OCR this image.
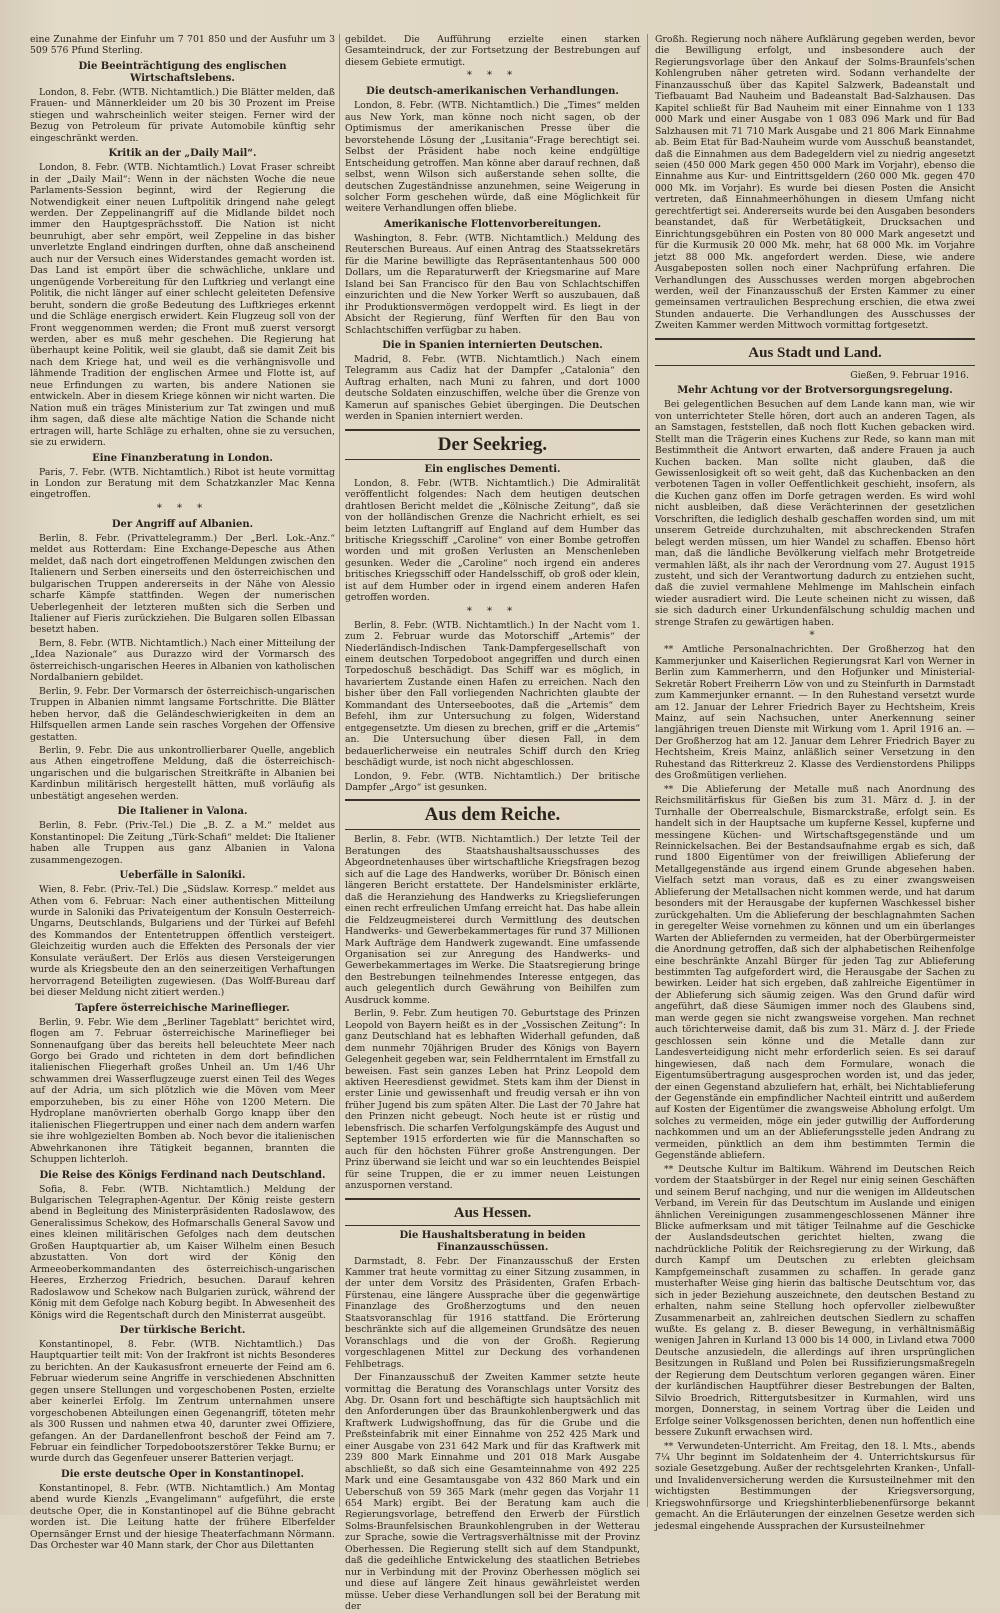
eine Zunahme der Einfuhr um 7 701 850 und der Ausfuhr um 3 509 576 Pfund Sterling.

Die Beeinträchtigung des englischen Wirtschaftslebens.

London, 8. Febr. (WTB. Nichtamtlich.) Die Blätter melden, daß Frauen- und Männerkleider um 20 bis 30 Prozent im Preise stiegen und wahrscheinlich weiter steigen. Ferner wird der Bezug von Petroleum für private Automobile künftig sehr eingeschränkt werden.

Kritik an der „Daily Mail“.

London, 8. Febr. (WTB. Nichtamtlich.) Lovat Fraser schreibt in der „Daily Mail“: Wenn in der nächsten Woche die neue Parlaments-Session beginnt, wird der Regierung die Notwendigkeit einer neuen Luftpolitik dringend nahe gelegt werden. Der Zeppelinangriff auf die Midlande bildet noch immer den Hauptgesprächsstoff. Die Nation ist nicht beunruhigt, aber sehr empört, weil Zeppeline in das bisher unverletzte England eindringen durften, ohne daß anscheinend auch nur der Versuch eines Widerstandes gemacht worden ist. Das Land ist empört über die schwächliche, unklare und ungenügende Vorbereitung für den Luftkrieg und verlangt eine Politik, die nicht länger auf einer schlecht geleiteten Defensive beruht, sondern die große Bedeutung des Luftkrieges erkennt und die Schläge energisch erwidert. Kein Flugzeug soll von der Front weggenommen werden; die Front muß zuerst versorgt werden, aber es muß mehr geschehen. Die Regierung hat überhaupt keine Politik, weil sie glaubt, daß sie damit Zeit bis nach dem Kriege hat, und weil es die verhängnisvolle und lähmende Tradition der englischen Armee und Flotte ist, auf neue Erfindungen zu warten, bis andere Nationen sie entwickeln. Aber in diesem Kriege können wir nicht warten. Die Nation muß ein träges Ministerium zur Tat zwingen und muß ihm sagen, daß diese alte mächtige Nation die Schande nicht ertragen will, harte Schläge zu erhalten, ohne sie zu versuchen, sie zu erwidern.

Eine Finanzberatung in London.

Paris, 7. Febr. (WTB. Nichtamtlich.) Ribot ist heute vormittag in London zur Beratung mit dem Schatzkanzler Mac Kenna eingetroffen.

* * *
Der Angriff auf Albanien.

Berlin, 8. Febr. (Privattelegramm.) Der „Berl. Lok.-Anz.“ meldet aus Rotterdam: Eine Exchange-Depesche aus Athen meldet, daß nach dort eingetroffenen Meldungen zwischen den Italienern und Serben einerseits und den österreichischen und bulgarischen Truppen andererseits in der Nähe von Alessio scharfe Kämpfe stattfinden. Wegen der numerischen Ueberlegenheit der letzteren mußten sich die Serben und Italiener auf Fieris zurückziehen. Die Bulgaren sollen Elbassan besetzt haben.

Bern, 8. Febr. (WTB. Nichtamtlich.) Nach einer Mitteilung der „Idea Nazionale“ aus Durazzo wird der Vormarsch des österreichisch-ungarischen Heeres in Albanien von katholischen Nordalbaniern gebildet.

Berlin, 9. Febr. Der Vormarsch der österreichisch-ungarischen Truppen in Albanien nimmt langsame Fortschritte. Die Blätter heben hervor, daß die Geländeschwierigkeiten in dem an Hilfsquellen armen Lande sein rasches Vorgehen der Offensive gestatten.

Berlin, 9. Febr. Die aus unkontrollierbarer Quelle, angeblich aus Athen eingetroffene Meldung, daß die österreichisch-ungarischen und die bulgarischen Streitkräfte in Albanien bei Kardinbun militärisch hergestellt hätten, muß vorläufig als unbestätigt angesehen werden.

Die Italiener in Valona.

Berlin, 8. Febr. (Priv.-Tel.) Die „B. Z. a M.“ meldet aus Konstantinopel: Die Zeitung „Türk-Schafi“ meldet: Die Italiener haben alle Truppen aus ganz Albanien in Valona zusammengezogen.

Ueberfälle in Saloniki.

Wien, 8. Febr. (Priv.-Tel.) Die „Südslaw. Korresp.“ meldet aus Athen vom 6. Februar: Nach einer authentischen Mitteilung wurde in Saloniki das Privateigentum der Konsuln Oesterreich-Ungarns, Deutschlands, Bulgariens und der Türkei auf Befehl des Kommandos der Ententetruppen öffentlich versteigert. Gleichzeitig wurden auch die Effekten des Personals der vier Konsulate veräußert. Der Erlös aus diesen Versteigerungen wurde als Kriegsbeute den an den seinerzeitigen Verhaftungen hervorragend Beteiligten zugewiesen. (Das Wolff-Bureau darf bei dieser Meldung nicht zitiert werden.)

Tapfere österreichische Marineflieger.

Berlin, 9. Febr. Wie dem „Berliner Tageblatt“ berichtet wird, flogen am 7. Februar österreichische Marineflieger bei Sonnenaufgang über das bereits hell beleuchtete Meer nach Gorgo bei Grado und richteten in dem dort befindlichen italienischen Fliegerhaft großes Unheil an. Um 1/46 Uhr schwammen drei Wasserflugzeuge zuerst einen Teil des Weges auf der Adria, um sich plötzlich wie die Möven vom Meer emporzuheben, bis zu einer Höhe von 1200 Metern. Die Hydroplane manövrierten oberhalb Gorgo knapp über den italienischen Fliegertruppen und einer nach dem andern warfen sie ihre wohlgezielten Bomben ab. Noch bevor die italienischen Abwehrkanonen ihre Tätigkeit begannen, brannten die Schuppen lichterloh.

Die Reise des Königs Ferdinand nach Deutschland.

Sofia, 8. Febr. (WTB. Nichtamtlich.) Meldung der Bulgarischen Telegraphen-Agentur. Der König reiste gestern abend in Begleitung des Ministerpräsidenten Radoslawow, des Generalissimus Schekow, des Hofmarschalls General Savow und eines kleinen militärischen Gefolges nach dem deutschen Großen Hauptquartier ab, um Kaiser Wilhelm einen Besuch abzustatten. Von dort wird der König den Armeeoberkommandanten des österreichisch-ungarischen Heeres, Erzherzog Friedrich, besuchen. Darauf kehren Radoslawow und Schekow nach Bulgarien zurück, während der König mit dem Gefolge nach Koburg begibt. In Abwesenheit des Königs wird die Regentschaft durch den Ministerrat ausgeübt.

Der türkische Bericht.

Konstantinopel, 8. Febr. (WTB. Nichtamtlich.) Das Hauptquartier teilt mit: Von der Irakfront ist nichts Besonderes zu berichten. An der Kaukasusfront erneuerte der Feind am 6. Februar wiederum seine Angriffe in verschiedenen Abschnitten gegen unsere Stellungen und vorgeschobenen Posten, erzielte aber keinerlei Erfolg. Im Zentrum unternahmen unsere vorgeschobenen Abteilungen einen Gegenangriff, töteten mehr als 300 Russen und nahmen etwa 40, darunter zwei Offiziere, gefangen. An der Dardanellenfront beschoß der Feind am 7. Februar ein feindlicher Torpedobootszerstörer Tekke Burnu; er wurde durch das Gegenfeuer unserer Batterien verjagt.

Die erste deutsche Oper in Konstantinopel.

Konstantinopel, 8. Febr. (WTB. Nichtamtlich.) Am Montag abend wurde Kienzls „Evangelimann“ aufgeführt, die erste deutsche Oper, die in Konstantinopel auf die Bühne gebracht worden ist. Die Leitung hatte der frühere Elberfelder Opernsänger Ernst und der hiesige Theaterfachmann Nörmann. Das Orchester war 40 Mann stark, der Chor aus Dilettanten

gebildet. Die Aufführung erzielte einen starken Gesamteindruck, der zur Fortsetzung der Bestrebungen auf diesem Gebiete ermutigt.

* * *
Die deutsch-amerikanischen Verhandlungen.

London, 8. Febr. (WTB. Nichtamtlich.) Die „Times“ melden aus New York, man könne noch nicht sagen, ob der Optimismus der amerikanischen Presse über die bevorstehende Lösung der „Lusitania“-Frage berechtigt sei. Selbst der Präsident habe noch keine endgültige Entscheidung getroffen. Man könne aber darauf rechnen, daß selbst, wenn Wilson sich außerstande sehen sollte, die deutschen Zugeständnisse anzunehmen, seine Weigerung in solcher Form geschehen würde, daß eine Möglichkeit für weitere Verhandlungen offen bliebe.

Amerikanische Flottenvorbereitungen.

Washington, 8. Febr. (WTB. Nichtamtlich.) Meldung des Reuterschen Bureaus. Auf einen Antrag des Staatssekretärs für die Marine bewilligte das Repräsentantenhaus 500 000 Dollars, um die Reparaturwerft der Kriegsmarine auf Mare Island bei San Francisco für den Bau von Schlachtschiffen einzurichten und die New Yorker Werft so auszubauen, daß ihr Produktionsvermögen verdoppelt wird. Es liegt in der Absicht der Regierung, fünf Werften für den Bau von Schlachtschiffen verfügbar zu haben.

Die in Spanien internierten Deutschen.

Madrid, 8. Febr. (WTB. Nichtamtlich.) Nach einem Telegramm aus Cadiz hat der Dampfer „Catalonia“ den Auftrag erhalten, nach Muni zu fahren, und dort 1000 deutsche Soldaten einzuschiffen, welche über die Grenze von Kamerun auf spanisches Gebiet übergingen. Die Deutschen werden in Spanien interniert werden.

Der Seekrieg.
Ein englisches Dementi.

London, 8. Febr. (WTB. Nichtamtlich.) Die Admiralität veröffentlicht folgendes: Nach dem heutigen deutschen drahtlosen Bericht meldet die „Kölnische Zeitung“, daß sie von der holländischen Grenze die Nachricht erhielt, es sei beim letzten Luftangriff auf England auf dem Humber das britische Kriegsschiff „Caroline“ von einer Bombe getroffen worden und mit großen Verlusten an Menschenleben gesunken. Weder die „Caroline“ noch irgend ein anderes britisches Kriegsschiff oder Handelsschiff, ob groß oder klein, ist auf dem Humber oder in irgend einem anderen Hafen getroffen worden.

* * *

Berlin, 8. Febr. (WTB. Nichtamtlich.) In der Nacht vom 1. zum 2. Februar wurde das Motorschiff „Artemis“ der Niederländisch-Indischen Tank-Dampfergesellschaft von einem deutschen Torpedoboot angegriffen und durch einen Torpedoschuß beschädigt. Das Schiff war es möglich, in havariertem Zustande einen Hafen zu erreichen. Nach den bisher über den Fall vorliegenden Nachrichten glaubte der Kommandant des Unterseebootes, daß die „Artemis“ dem Befehl, ihm zur Untersuchung zu folgen, Widerstand entgegensetzte. Um diesen zu brechen, griff er die „Artemis“ an. Die Untersuchung über diesen Fall, in dem bedauerlicherweise ein neutrales Schiff durch den Krieg beschädigt wurde, ist noch nicht abgeschlossen.

London, 9. Febr. (WTB. Nichtamtlich.) Der britische Dampfer „Argo“ ist gesunken.

Aus dem Reiche.

Berlin, 8. Febr. (WTB. Nichtamtlich.) Der letzte Teil der Beratungen des Staatshaushaltsausschusses des Abgeordnetenhauses über wirtschaftliche Kriegsfragen bezog sich auf die Lage des Handwerks, worüber Dr. Bönisch einen längeren Bericht erstattete. Der Handelsminister erklärte, daß die Heranziehung des Handwerks zu Kriegslieferungen einen recht erfreulichen Umfang erreicht hat. Das habe allein die Feldzeugmeisterei durch Vermittlung des deutschen Handwerks- und Gewerbekammertages für rund 37 Millionen Mark Aufträge dem Handwerk zugewandt. Eine umfassende Organisation sei zur Anregung des Handwerks- und Gewerbekammertages im Werke. Die Staatsregierung bringe den Bestrebungen teilnehmendes Interesse entgegen, das auch gelegentlich durch Gewährung von Beihilfen zum Ausdruck komme.

Berlin, 9. Febr. Zum heutigen 70. Geburtstage des Prinzen Leopold von Bayern heißt es in der „Vossischen Zeitung“: In ganz Deutschland hat es lebhaften Widerhall gefunden, daß dem nunmehr 70jährigen Bruder des Königs von Bayern Gelegenheit gegeben war, sein Feldherrntalent im Ernstfall zu beweisen. Fast sein ganzes Leben hat Prinz Leopold dem aktiven Heeresdienst gewidmet. Stets kam ihm der Dienst in erster Linie und gewissenhaft und freudig versah er ihn von früher Jugend bis zum späten Alter. Die Last der 70 Jahre hat den Prinzen nicht gebeugt. Noch heute ist er rüstig und lebensfrisch. Die scharfen Verfolgungskämpfe des August und September 1915 erforderten wie für die Mannschaften so auch für den höchsten Führer große Anstrengungen. Der Prinz überwand sie leicht und war so ein leuchtendes Beispiel für seine Truppen, die er zu immer neuen Leistungen anzuspornen verstand.

Aus Hessen.
Die Haushaltsberatung in beiden Finanzausschüssen.

Darmstadt, 8. Febr. Der Finanzausschuß der Ersten Kammer trat heute vormittag zu einer Sitzung zusammen, in der unter dem Vorsitz des Präsidenten, Grafen Erbach-Fürstenau, eine längere Aussprache über die gegenwärtige Finanzlage des Großherzogtums und den neuen Staatsvoranschlag für 1916 stattfand. Die Erörterung beschränkte sich auf die allgemeinen Grundsätze des neuen Voranschlags und die von der Großh. Regierung vorgeschlagenen Mittel zur Deckung des vorhandenen Fehlbetrags.

Der Finanzausschuß der Zweiten Kammer setzte heute vormittag die Beratung des Voranschlags unter Vorsitz des Abg. Dr. Osann fort und beschäftigte sich hauptsächlich mit den Anforderungen über das Braunkohlenbergwerk und das Kraftwerk Ludwigshoffnung, das für die Grube und die Preßsteinfabrik mit einer Einnahme von 252 425 Mark und einer Ausgabe von 231 642 Mark und für das Kraftwerk mit 239 800 Mark Einnahme und 201 018 Mark Ausgabe abschließt, so daß sich eine Gesamteinnahme von 492 225 Mark und eine Gesamtausgabe von 432 860 Mark und ein Ueberschuß von 59 365 Mark (mehr gegen das Vorjahr 11 654 Mark) ergibt. Bei der Beratung kam auch die Regierungsvorlage, betreffend den Erwerb der Fürstlich Solms-Braunfelsischen Braunkohlengruben in der Wetterau zur Sprache, sowie die Vertragsverhältnisse mit der Provinz Oberhessen. Die Regierung stellt sich auf dem Standpunkt, daß die gedeihliche Entwickelung des staatlichen Betriebes nur in Verbindung mit der Provinz Oberhessen möglich sei und diese auf längere Zeit hinaus gewährleistet werden müsse. Ueber diese Verhandlungen soll bei der Beratung mit der

Großh. Regierung noch nähere Aufklärung gegeben werden, bevor die Bewilligung erfolgt, und insbesondere auch der Regierungsvorlage über den Ankauf der Solms-Braunfels'schen Kohlengruben näher getreten wird. Sodann verhandelte der Finanzausschuß über das Kapitel Salzwerk, Badeanstalt und Tiefbauamt Bad Nauheim und Badeanstalt Bad-Salzhausen. Das Kapitel schließt für Bad Nauheim mit einer Einnahme von 1 133 000 Mark und einer Ausgabe von 1 083 096 Mark und für Bad Salzhausen mit 71 710 Mark Ausgabe und 21 806 Mark Einnahme ab. Beim Etat für Bad-Nauheim wurde vom Ausschuß beanstandet, daß die Einnahmen aus dem Badegeldern viel zu niedrig angesetzt seien (450 000 Mark gegen 450 000 Mark im Vorjahr), ebenso die Einnahme aus Kur- und Eintrittsgeldern (260 000 Mk. gegen 470 000 Mk. im Vorjahr). Es wurde bei diesen Posten die Ansicht vertreten, daß Einnahmeerhöhungen in diesem Umfang nicht gerechtfertigt sei. Andererseits wurde bei den Ausgaben besonders beanstandet, daß für Werbetätigkeit, Drucksachen und Einrichtungsgebühren ein Posten von 80 000 Mark angesetzt und für die Kurmusik 20 000 Mk. mehr, hat 68 000 Mk. im Vorjahre jetzt 88 000 Mk. angefordert werden. Diese, wie andere Ausgabeposten sollen noch einer Nachprüfung erfahren. Die Verhandlungen des Ausschusses werden morgen abgebrochen werden, weil der Finanzausschuß der Ersten Kammer zu einer gemeinsamen vertraulichen Besprechung erschien, die etwa zwei Stunden andauerte. Die Verhandlungen des Ausschusses der Zweiten Kammer werden Mittwoch vormittag fortgesetzt.

Aus Stadt und Land.
Gießen, 9. Februar 1916.
Mehr Achtung vor der Brotversorgungsregelung.

Bei gelegentlichen Besuchen auf dem Lande kann man, wie wir von unterrichteter Stelle hören, dort auch an anderen Tagen, als an Samstagen, feststellen, daß noch flott Kuchen gebacken wird. Stellt man die Trägerin eines Kuchens zur Rede, so kann man mit Bestimmtheit die Antwort erwarten, daß andere Frauen ja auch Kuchen backen. Man sollte nicht glauben, daß die Gewissenlosigkeit oft so weit geht, daß das Kuchenbacken an den verbotenen Tagen in voller Oeffentlichkeit geschieht, insofern, als die Kuchen ganz offen im Dorfe getragen werden. Es wird wohl nicht ausbleiben, daß diese Verächterinnen der gesetzlichen Vorschriften, die lediglich deshalb geschaffen worden sind, um mit unserem Getreide durchzuhalten, mit abschreckenden Strafen belegt werden müssen, um hier Wandel zu schaffen. Ebenso hört man, daß die ländliche Bevölkerung vielfach mehr Brotgetreide vermahlen läßt, als ihr nach der Verordnung vom 27. August 1915 zusteht, und sich der Verantwortung dadurch zu entziehen sucht, daß die zuviel vermahlene Mehlmenge im Mahlschein einfach wieder ausradiert wird. Die Leute scheinen nicht zu wissen, daß sie sich dadurch einer Urkundenfälschung schuldig machen und strenge Strafen zu gewärtigen haben.

*

** Amtliche Personalnachrichten. Der Großherzog hat den Kammerjunker und Kaiserlichen Regierungsrat Karl von Werner in Berlin zum Kammerherrn, und den Hofjunker und Ministerial-Sekretär Robert Freiherrn Löw von und zu Steinfurth in Darmstadt zum Kammerjunker ernannt. — In den Ruhestand versetzt wurde am 12. Januar der Lehrer Friedrich Bayer zu Hechtsheim, Kreis Mainz, auf sein Nachsuchen, unter Anerkennung seiner langjährigen treuen Dienste mit Wirkung vom 1. April 1916 an. — Der Großherzog hat am 12. Januar dem Lehrer Friedrich Bayer zu Hechtsheim, Kreis Mainz, anläßlich seiner Versetzung in den Ruhestand das Ritterkreuz 2. Klasse des Verdienstordens Philipps des Großmütigen verliehen.

** Die Ablieferung der Metalle muß nach Anordnung des Reichsmilitärfiskus für Gießen bis zum 31. März d. J. in der Turnhalle der Oberrealschule, Bismarckstraße, erfolgt sein. Es handelt sich in der Hauptsache um kupferne Kessel, kupferne und messingene Küchen- und Wirtschaftsgegenstände und um Reinnickelsachen. Bei der Bestandsaufnahme ergab es sich, daß rund 1800 Eigentümer von der freiwilligen Ablieferung der Metallgegenstände aus irgend einem Grunde abgesehen haben. Vielfach setzt man voraus, daß es zu einer zwangsweisen Ablieferung der Metallsachen nicht kommen werde, und hat darum besonders mit der Herausgabe der kupfernen Waschkessel bisher zurückgehalten. Um die Ablieferung der beschlagnahmten Sachen in geregelter Weise vornehmen zu können und um ein überlanges Warten der Abliefernden zu vermeiden, hat der Oberbürgermeister die Anordnung getroffen, daß sich der alphabetischen Reihenfolge eine beschränkte Anzahl Bürger für jeden Tag zur Ablieferung bestimmten Tag aufgefordert wird, die Herausgabe der Sachen zu bewirken. Leider hat sich ergeben, daß zahlreiche Eigentümer in der Ablieferung sich säumig zeigen. Was den Grund dafür wird angeführt, daß diese Säumigen immer noch des Glaubens sind, man werde gegen sie nicht zwangsweise vorgehen. Man rechnet auch törichterweise damit, daß bis zum 31. März d. J. der Friede geschlossen sein könne und die Metalle dann zur Landesverteidigung nicht mehr erforderlich seien. Es sei darauf hingewiesen, daß nach dem Formulare, wonach die Eigentumsübertragung ausgesprochen worden ist, und das jeder, der einen Gegenstand abzuliefern hat, erhält, bei Nichtablieferung der Gegenstände ein empfindlicher Nachteil eintritt und außerdem auf Kosten der Eigentümer die zwangsweise Abholung erfolgt. Um solches zu vermeiden, möge ein jeder gutwillig der Aufforderung nachkommen und um an der Ablieferungsstelle jeden Andrang zu vermeiden, pünktlich an dem ihm bestimmten Termin die Gegenstände abliefern.

** Deutsche Kultur im Baltikum. Während im Deutschen Reich vordem der Staatsbürger in der Regel nur einig seinen Geschäften und seinem Beruf nachging, und nur die wenigen im Alldeutschen Verband, im Verein für das Deutschtum im Auslande und einigen ähnlichen Vereinigungen zusammengeschlossenen Männer ihre Blicke aufmerksam und mit tätiger Teilnahme auf die Geschicke der Auslandsdeutschen gerichtet hielten, zwang die nachdrückliche Politik der Reichsregierung zu der Wirkung, daß durch Kampf um Deutschen zu erlebten gleichsam Kampfgemeinschaft zusammen zu schaffen. In gerade ganz musterhafter Weise ging hierin das baltische Deutschtum vor, das sich in jeder Beziehung auszeichnete, den deutschen Bestand zu erhalten, nahm seine Stellung hoch opfervoller zielbewußter Zusammenarbeit an, zahlreichen deutschen Siedlern zu schaffen wußte. Es gelang z. B. dieser Bewegung, in verhältnismäßig wenigen Jahren in Kurland 13 000 bis 14 000, in Livland etwa 7000 Deutsche anzusiedeln, die allerdings auf ihren ursprünglichen Besitzungen in Rußland und Polen bei Russifizierungsmaßregeln der Regierung dem Deutschtum verloren gegangen wären. Einer der kurländischen Hauptführer dieser Bestrebungen der Balten, Silvio Broedrich, Rittergutsbesitzer in Kurmahlen, wird uns morgen, Donnerstag, in seinem Vortrag über die Leiden und Erfolge seiner Volksgenossen berichten, denen nun hoffentlich eine bessere Zukunft erwachsen wird.

** Verwundeten-Unterricht. Am Freitag, den 18. l. Mts., abends 7¼ Uhr beginnt im Soldatenheim der 4. Unterrichtskursus für soziale Gesetzgebung. Außer der rechtsgelehrten Kranken-, Unfall- und Invalidenversicherung werden die Kursusteilnehmer mit den wichtigsten Bestimmungen der Kriegsversorgung, Kriegswohnfürsorge und Kriegshinterbliebenenfürsorge bekannt gemacht. An die Erläuterungen der einzelnen Gesetze werden sich jedesmal eingehende Aussprachen der Kursusteilnehmer
